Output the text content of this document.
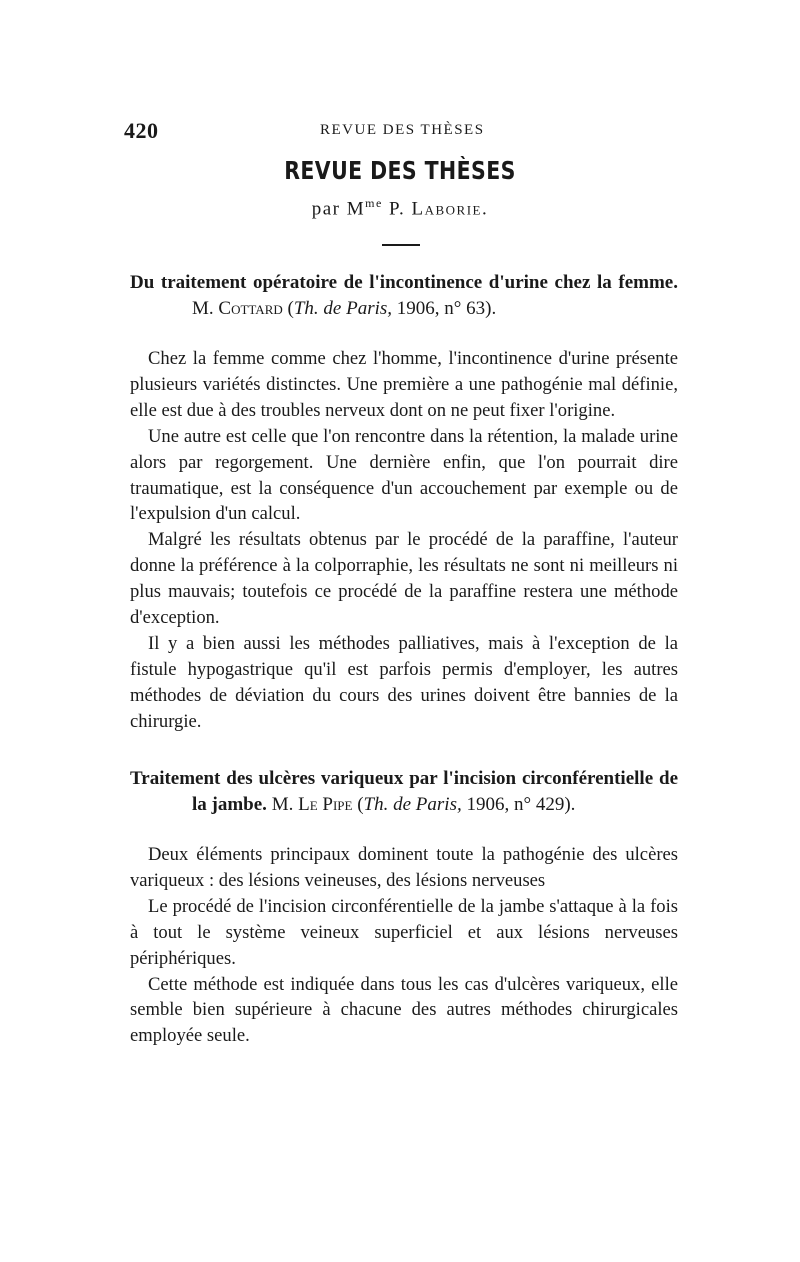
420	REVUE DES THÈSES
REVUE DES THÈSES
par $M^{me}$ P. Laborie.

Du traitement opératoire de l'incontinence d'urine chez la femme. M. Cottard (Th. de Paris, 1906, n° 63).

Chez la femme comme chez l'homme, l'incontinence d'urine présente plusieurs variétés distinctes. Une première a une pathogénie mal définie, elle est due à des troubles nerveux dont on ne peut fixer l'origine.

Une autre est celle que l'on rencontre dans la rétention, la malade urine alors par regorgement. Une dernière enfin, que l'on pourrait dire traumatique, est la conséquence d'un accouchement par exemple ou de l'expulsion d'un calcul.

Malgré les résultats obtenus par le procédé de la paraffine, l'auteur donne la préférence à la colporraphie, les résultats ne sont ni meilleurs ni plus mauvais; toutefois ce procédé de la paraffine restera une méthode d'exception.

Il y a bien aussi les méthodes palliatives, mais à l'exception de la fistule hypogastrique qu'il est parfois permis d'employer, les autres méthodes de déviation du cours des urines doivent être bannies de la chirurgie.

Traitement des ulcères variqueux par l'incision circonférentielle de la jambe. M. Le Pipe (Th. de Paris, 1906, n° 429).

Deux éléments principaux dominent toute la pathogénie des ulcères variqueux : des lésions veineuses, des lésions nerveuses

Le procédé de l'incision circonférentielle de la jambe s'attaque à la fois à tout le système veineux superficiel et aux lésions nerveuses périphériques.

Cette méthode est indiquée dans tous les cas d'ulcères variqueux, elle semble bien supérieure à chacune des autres méthodes chirurgicales employée seule.
